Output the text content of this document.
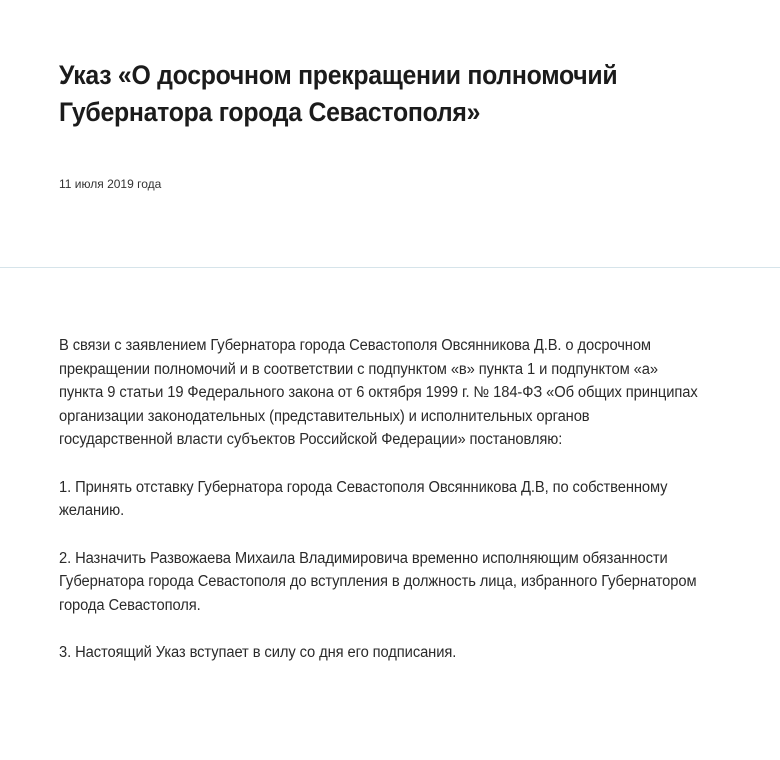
Указ «О досрочном прекращении полномочий Губернатора города Севастополя»
11 июля 2019 года

В связи с заявлением Губернатора города Севастополя Овсянникова Д.В. о досрочном прекращении полномочий и в соответствии с подпунктом «в» пункта 1 и подпунктом «а» пункта 9 статьи 19 Федерального закона от 6 октября 1999 г. № 184-ФЗ «Об общих принципах организации законодательных (представительных) и исполнительных органов государственной власти субъектов Российской Федерации» постановляю:

1. Принять отставку Губернатора города Севастополя Овсянникова Д.В, по собственному желанию.

2. Назначить Развожаева Михаила Владимировича временно исполняющим обязанности Губернатора города Севастополя до вступления в должность лица, избранного Губернатором города Севастополя.

3. Настоящий Указ вступает в силу со дня его подписания.
